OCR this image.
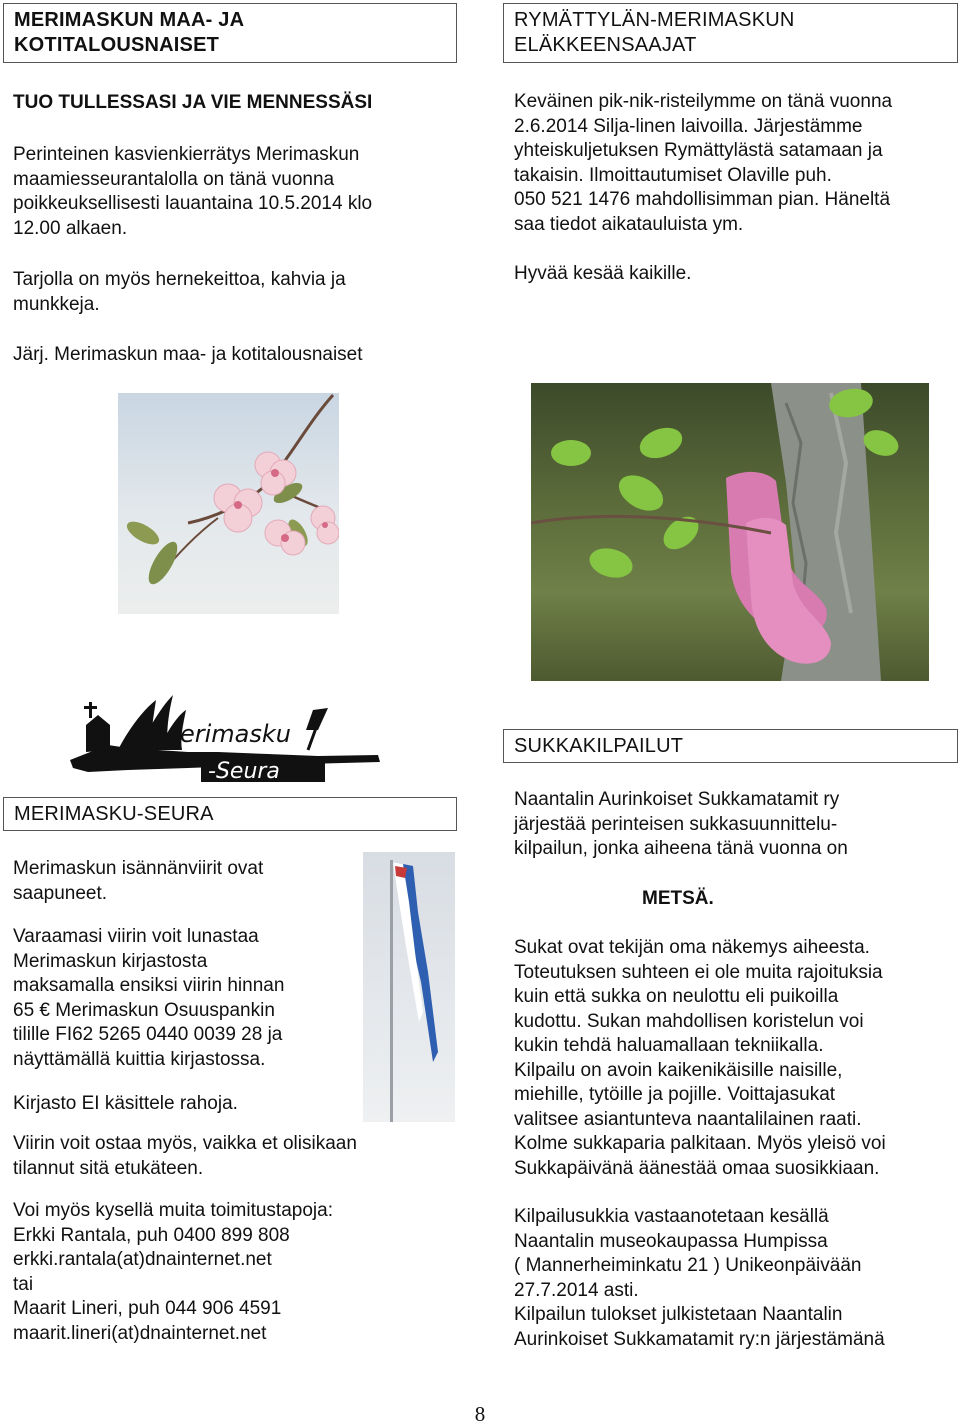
MERIMASKUN MAA- JA
KOTITALOUSNAISET
TUO TULLESSASI JA VIE MENNESSÄSI
Perinteinen kasvienkierrätys Merimaskun
maamiesseurantalolla on tänä vuonna
poikkeuksellisesti lauantaina 10.5.2014 klo
12.00 alkaen.
Tarjolla on myös hernekeittoa, kahvia ja
munkkeja.
Järj. Merimaskun maa- ja kotitalousnaiset
erimasku
-Seura
MERIMASKU-SEURA
Merimaskun isännänviirit ovat
saapuneet.
Varaamasi viirin voit lunastaa
Merimaskun kirjastosta
maksamalla ensiksi viirin hinnan
65 € Merimaskun Osuuspankin
tilille FI62 5265 0440 0039 28 ja
näyttämällä kuittia kirjastossa.
Kirjasto EI käsittele rahoja.
Viirin voit ostaa myös, vaikka et olisikaan
tilannut sitä etukäteen.
Voi myös kysellä muita toimitustapoja:
Erkki Rantala, puh 0400 899 808
erkki.rantala(at)dnainternet.net
tai
Maarit Lineri, puh 044 906 4591
maarit.lineri(at)dnainternet.net
RYMÄTTYLÄN-MERIMASKUN
ELÄKKEENSAAJAT
Keväinen pik-nik-risteilymme on tänä vuonna
2.6.2014 Silja-linen laivoilla. Järjestämme
yhteiskuljetuksen Rymättylästä satamaan ja
takaisin. Ilmoittautumiset Olaville puh.
050 521 1476 mahdollisimman pian. Häneltä
saa tiedot aikatauluista ym.
Hyvää kesää kaikille.
SUKKAKILPAILUT
Naantalin Aurinkoiset Sukkamatamit ry
järjestää perinteisen sukkasuunnittelu-
kilpailun, jonka aiheena tänä vuonna on
METSÄ.
Sukat ovat tekijän oma näkemys aiheesta.
Toteutuksen suhteen ei ole muita rajoituksia
kuin että sukka on neulottu eli puikoilla
kudottu. Sukan mahdollisen koristelun voi
kukin tehdä haluamallaan tekniikalla.
Kilpailu on avoin kaikenikäisille naisille,
miehille, tytöille ja pojille. Voittajasukat
valitsee asiantunteva naantalilainen raati.
Kolme sukkaparia palkitaan. Myös yleisö voi
Sukkapäivänä äänestää omaa suosikkiaan.
Kilpailusukkia vastaanotetaan kesällä
Naantalin museokaupassa Humpissa
( Mannerheiminkatu 21 ) Unikeonpäivään
27.7.2014 asti.
Kilpailun tulokset julkistetaan Naantalin
Aurinkoiset Sukkamatamit ry:n järjestämänä
8
